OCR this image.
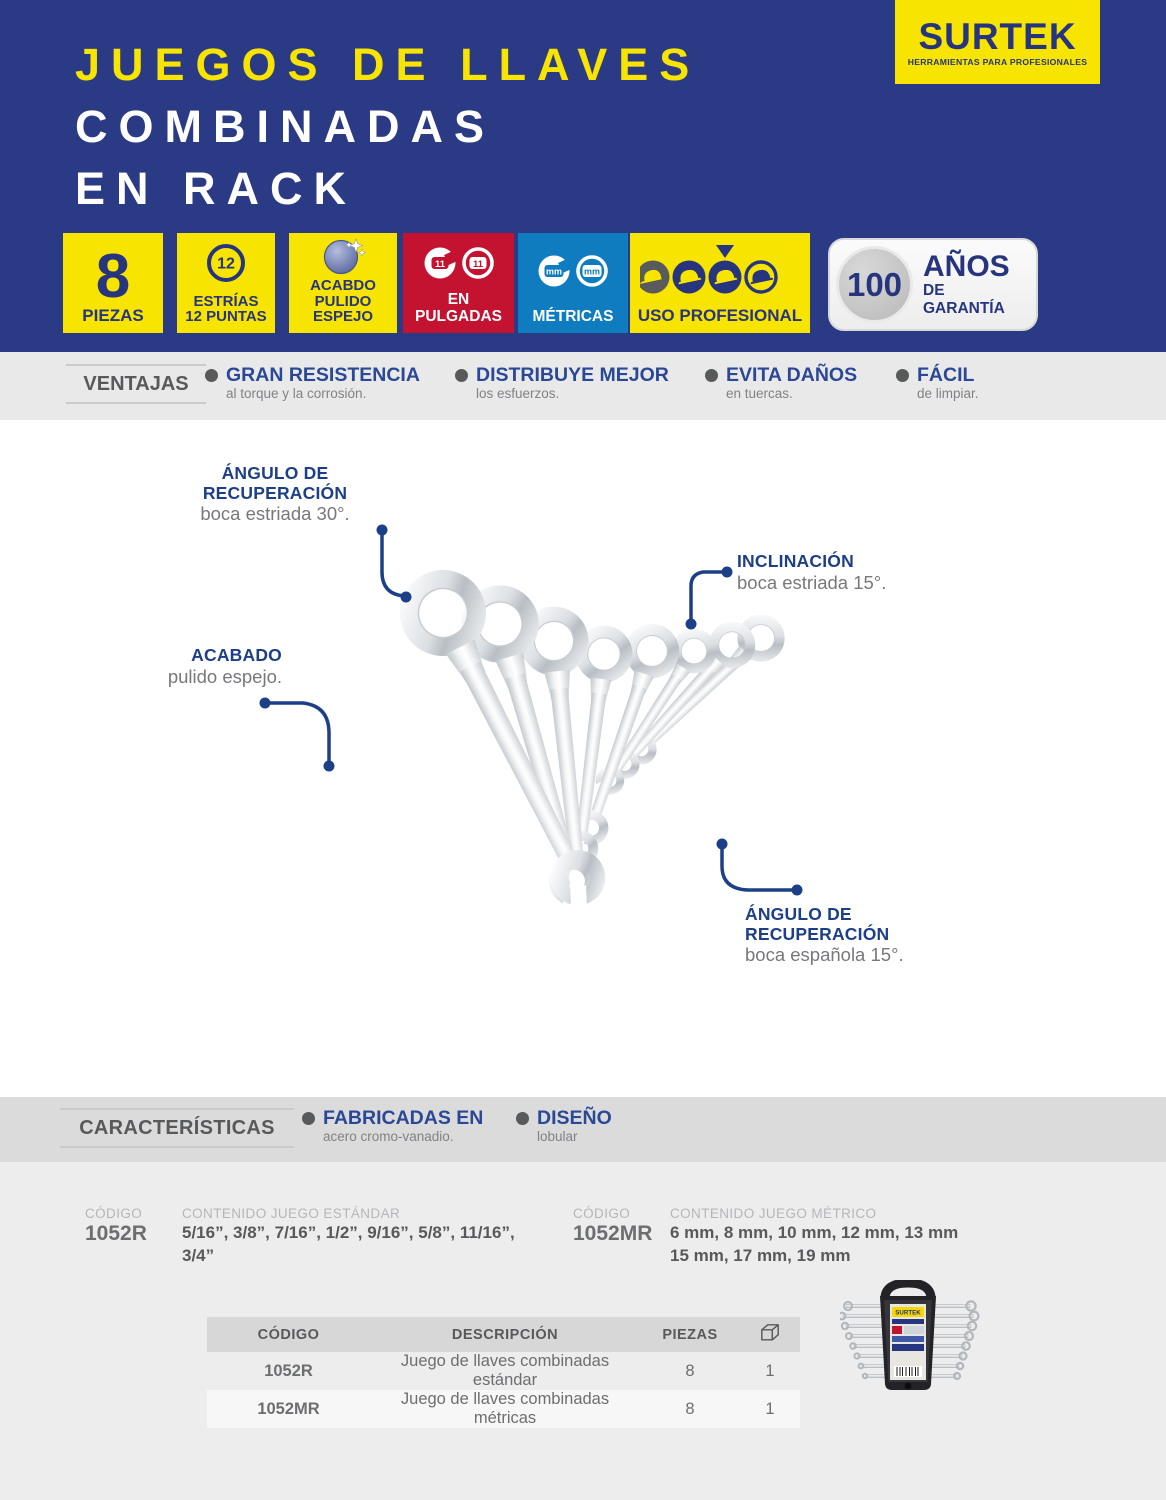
JUEGOS DE LLAVES
COMBINADAS
EN RACK
SURTEK
HERRAMIENTAS PARA PROFESIONALES
8
PIEZAS
12
ESTRÍAS
12 PUNTAS
ACABDO
PULIDO
ESPEJO
11	11
EN
PULGADAS
mm mm
MÉTRICAS USO PROFESIONAL
100 AÑOS
DE GARANTÍA
VENTAJAS	GRAN RESISTENCIA
al torque y la corrosión.
DISTRIBUYE MEJOR
los esfuerzos.
EVITA DAÑOS
en tuercas.
FÁCIL
de limpiar.
ÁNGULO DE
RECUPERACIÓN
boca estriada 30°.
INCLINACIÓN
boca estriada 15°.
ACABADO
pulido espejo.
ÁNGULO DE
RECUPERACIÓN
boca española 15°.
CARACTERÍSTICAS	FABRICADAS EN
acero cromo-vanadio.
DISEÑO
lobular
CÓDIGO
1052R
CONTENIDO JUEGO ESTÁNDAR
5/16”, 3/8”, 7/16”, 1/2”, 9/16”, 5/8”, 11/16”,
3/4”
CÓDIGO
1052MR
CONTENIDO JUEGO MÉTRICO
6 mm, 8 mm, 10 mm, 12 mm, 13 mm
15 mm, 17 mm, 19 mm
CÓDIGO	DESCRIPCIÓN	PIEZAS	
1052R	Juego de llaves combinadas estándar	8	1
1052MR	Juego de llaves combinadas métricas	8	1
SURTEK
